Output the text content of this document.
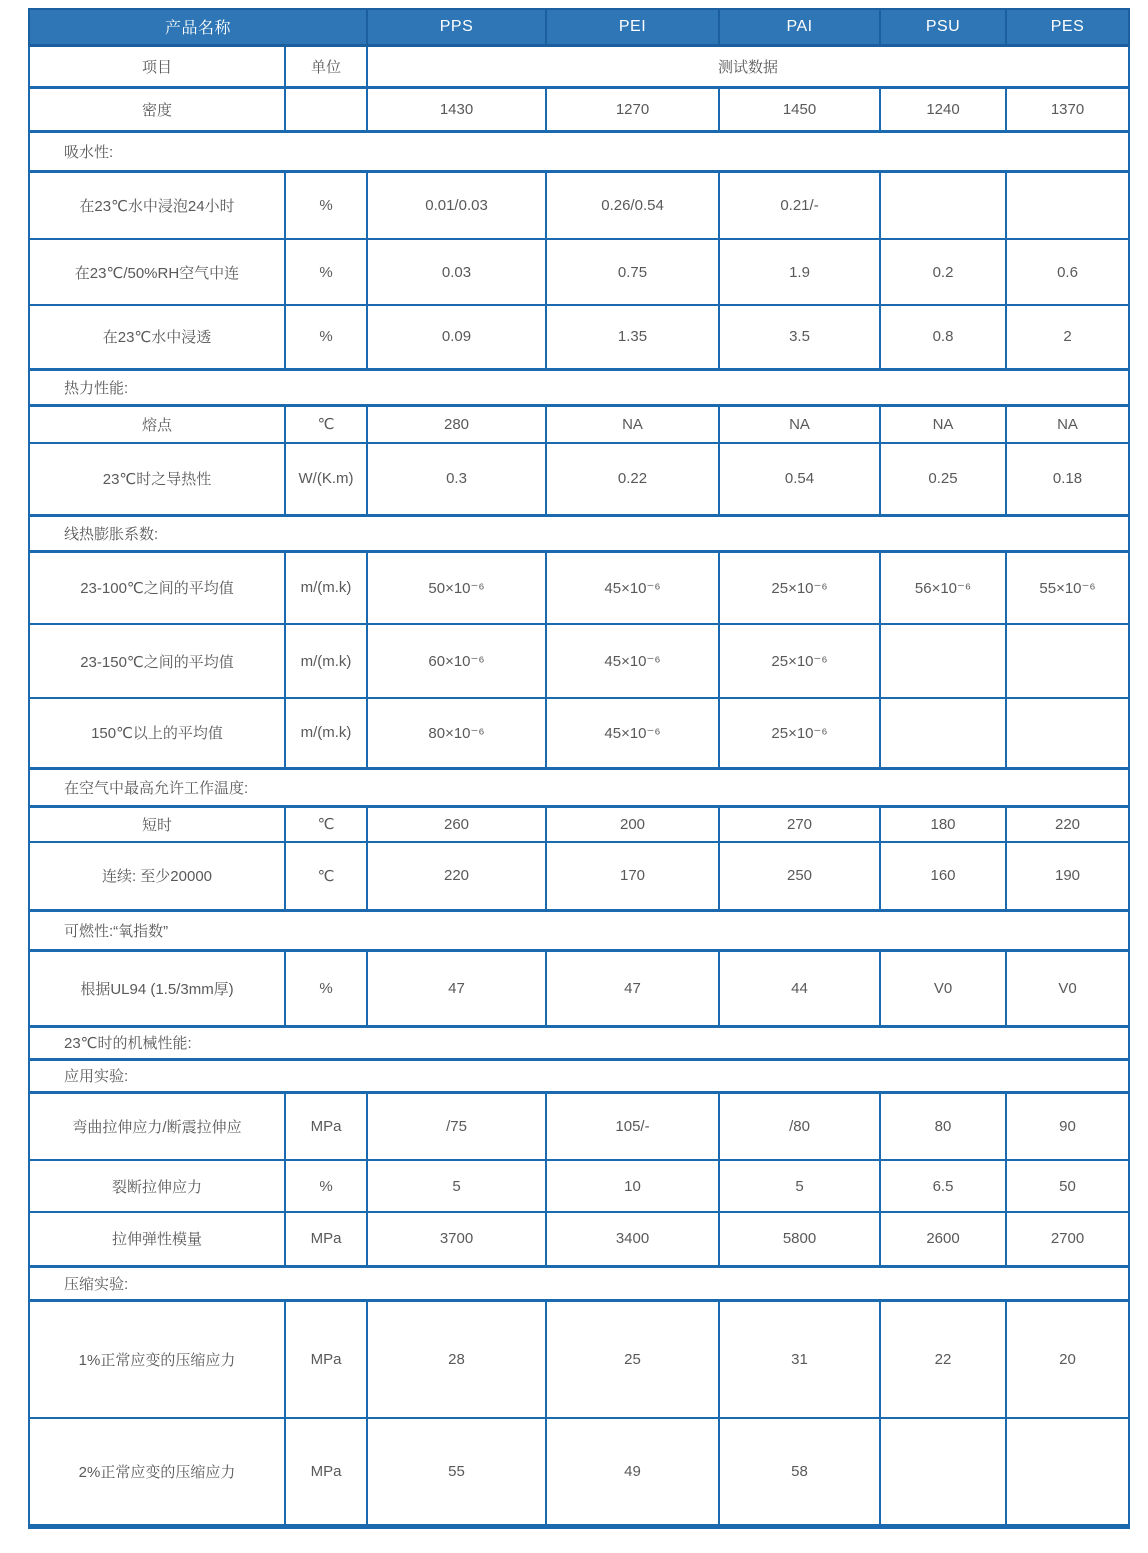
产品名称		PPS	PEI	PAI	PSU	PES
项目	单位	测试数据				
密度		1430	1270	1450	1240	1370
吸水性:						
在23℃水中浸泡24小时	%	0.01/0.03	0.26/0.54	0.21/-		
在23℃/50%RH空气中连	%	0.03	0.75	1.9	0.2	0.6
在23℃水中浸透	%	0.09	1.35	3.5	0.8	2
热力性能:						
熔点	℃	280	NA	NA	NA	NA
23℃时之导热性	W/(K.m)	0.3	0.22	0.54	0.25	0.18
线热膨胀系数:						
23-100℃之间的平均值	m/(m.k)	50×10⁻⁶	45×10⁻⁶	25×10⁻⁶	56×10⁻⁶	55×10⁻⁶
23-150℃之间的平均值	m/(m.k)	60×10⁻⁶	45×10⁻⁶	25×10⁻⁶		
150℃以上的平均值	m/(m.k)	80×10⁻⁶	45×10⁻⁶	25×10⁻⁶		
在空气中最高允许工作温度:						
短时	℃	260	200	270	180	220
连续: 至少20000	℃	220	170	250	160	190
可燃性:“氧指数”						
根据UL94 (1.5/3mm厚)	%	47	47	44	V0	V0
23℃时的机械性能:						
应用实验:						
弯曲拉伸应力/断震拉伸应	MPa	/75	105/-	/80	80	90
裂断拉伸应力	%	5	10	5	6.5	50
拉伸弹性模量	MPa	3700	3400	5800	2600	2700
压缩实验:						
1%正常应变的压缩应力	MPa	28	25	31	22	20
2%正常应变的压缩应力	MPa	55	49	58		
